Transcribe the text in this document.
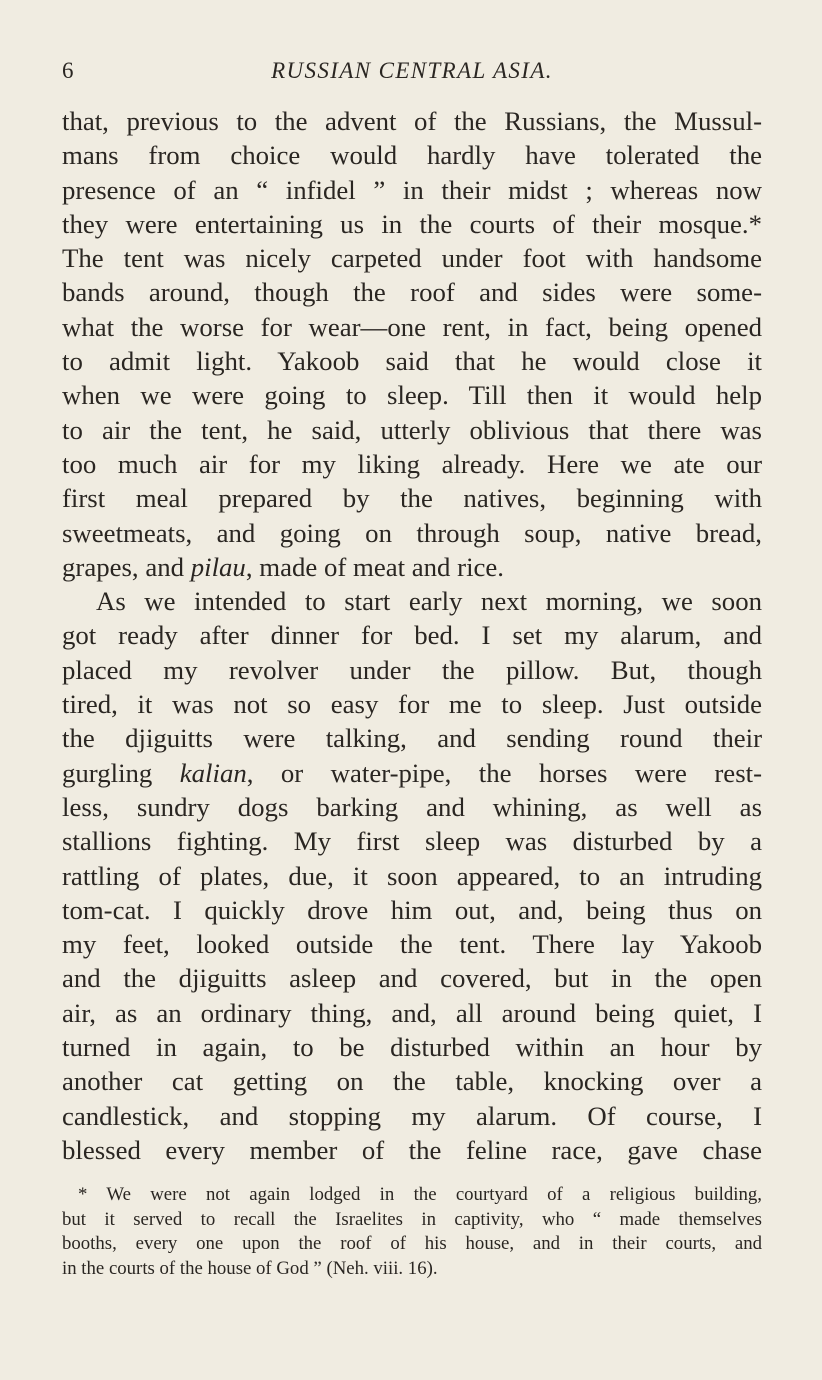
6	RUSSIAN CENTRAL ASIA.
that, previous to the advent of the Russians, the Mussul-
mans from choice would hardly have tolerated the
presence of an “ infidel ” in their midst ; whereas now
they were entertaining us in the courts of their mosque.*
The tent was nicely carpeted under foot with handsome
bands around, though the roof and sides were some-
what the worse for wear—one rent, in fact, being opened
to admit light. Yakoob said that he would close it
when we were going to sleep. Till then it would help
to air the tent, he said, utterly oblivious that there was
too much air for my liking already. Here we ate our
first meal prepared by the natives, beginning with
sweetmeats, and going on through soup, native bread,
grapes, and pilau, made of meat and rice.
As we intended to start early next morning, we soon
got ready after dinner for bed. I set my alarum, and
placed my revolver under the pillow. But, though
tired, it was not so easy for me to sleep. Just outside
the djiguitts were talking, and sending round their
gurgling kalian, or water-pipe, the horses were rest-
less, sundry dogs barking and whining, as well as
stallions fighting. My first sleep was disturbed by a
rattling of plates, due, it soon appeared, to an intruding
tom-cat. I quickly drove him out, and, being thus on
my feet, looked outside the tent. There lay Yakoob
and the djiguitts asleep and covered, but in the open
air, as an ordinary thing, and, all around being quiet, I
turned in again, to be disturbed within an hour by
another cat getting on the table, knocking over a
candlestick, and stopping my alarum. Of course, I
blessed every member of the feline race, gave chase
* We were not again lodged in the courtyard of a religious building,
but it served to recall the Israelites in captivity, who “ made themselves
booths, every one upon the roof of his house, and in their courts, and
in the courts of the house of God ” (Neh. viii. 16).
